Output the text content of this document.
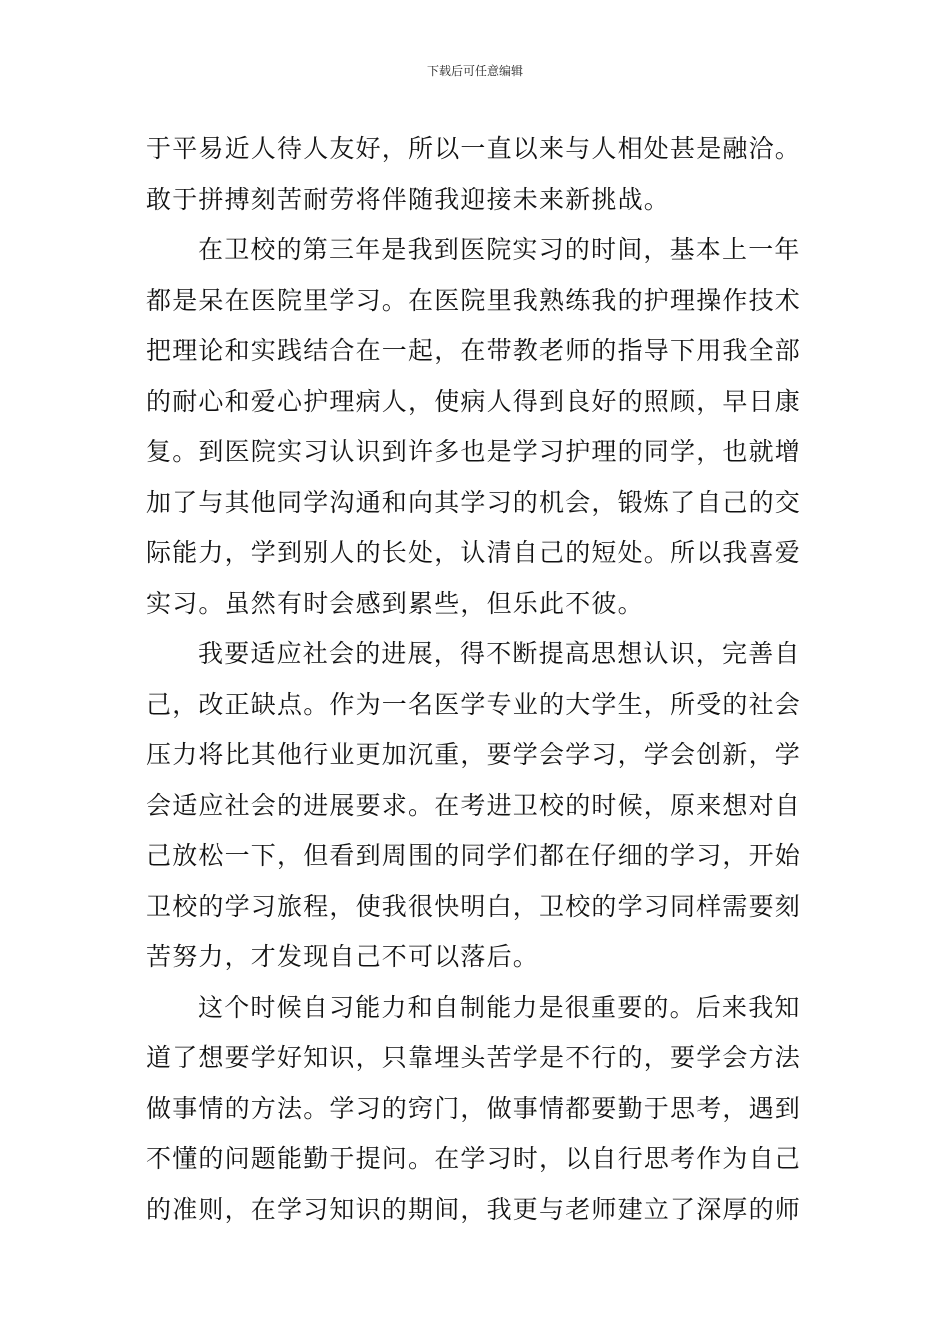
下载后可任意编辑
于平易近人待人友好，所以一直以来与人相处甚是融洽。
敢于拼搏刻苦耐劳将伴随我迎接未来新挑战。
在卫校的第三年是我到医院实习的时间，基本上一年
都是呆在医院里学习。在医院里我熟练我的护理操作技术
把理论和实践结合在一起，在带教老师的指导下用我全部
的耐心和爱心护理病人，使病人得到良好的照顾，早日康
复。到医院实习认识到许多也是学习护理的同学，也就增
加了与其他同学沟通和向其学习的机会，锻炼了自己的交
际能力，学到别人的长处，认清自己的短处。所以我喜爱
实习。虽然有时会感到累些，但乐此不彼。
我要适应社会的进展，得不断提高思想认识，完善自
己，改正缺点。作为一名医学专业的大学生，所受的社会
压力将比其他行业更加沉重，要学会学习，学会创新，学
会适应社会的进展要求。在考进卫校的时候，原来想对自
己放松一下，但看到周围的同学们都在仔细的学习，开始
卫校的学习旅程，使我很快明白，卫校的学习同样需要刻
苦努力，才发现自己不可以落后。
这个时候自习能力和自制能力是很重要的。后来我知
道了想要学好知识，只靠埋头苦学是不行的，要学会方法
做事情的方法。学习的窍门，做事情都要勤于思考，遇到
不懂的问题能勤于提问。在学习时，以自行思考作为自己
的准则，在学习知识的期间，我更与老师建立了深厚的师
